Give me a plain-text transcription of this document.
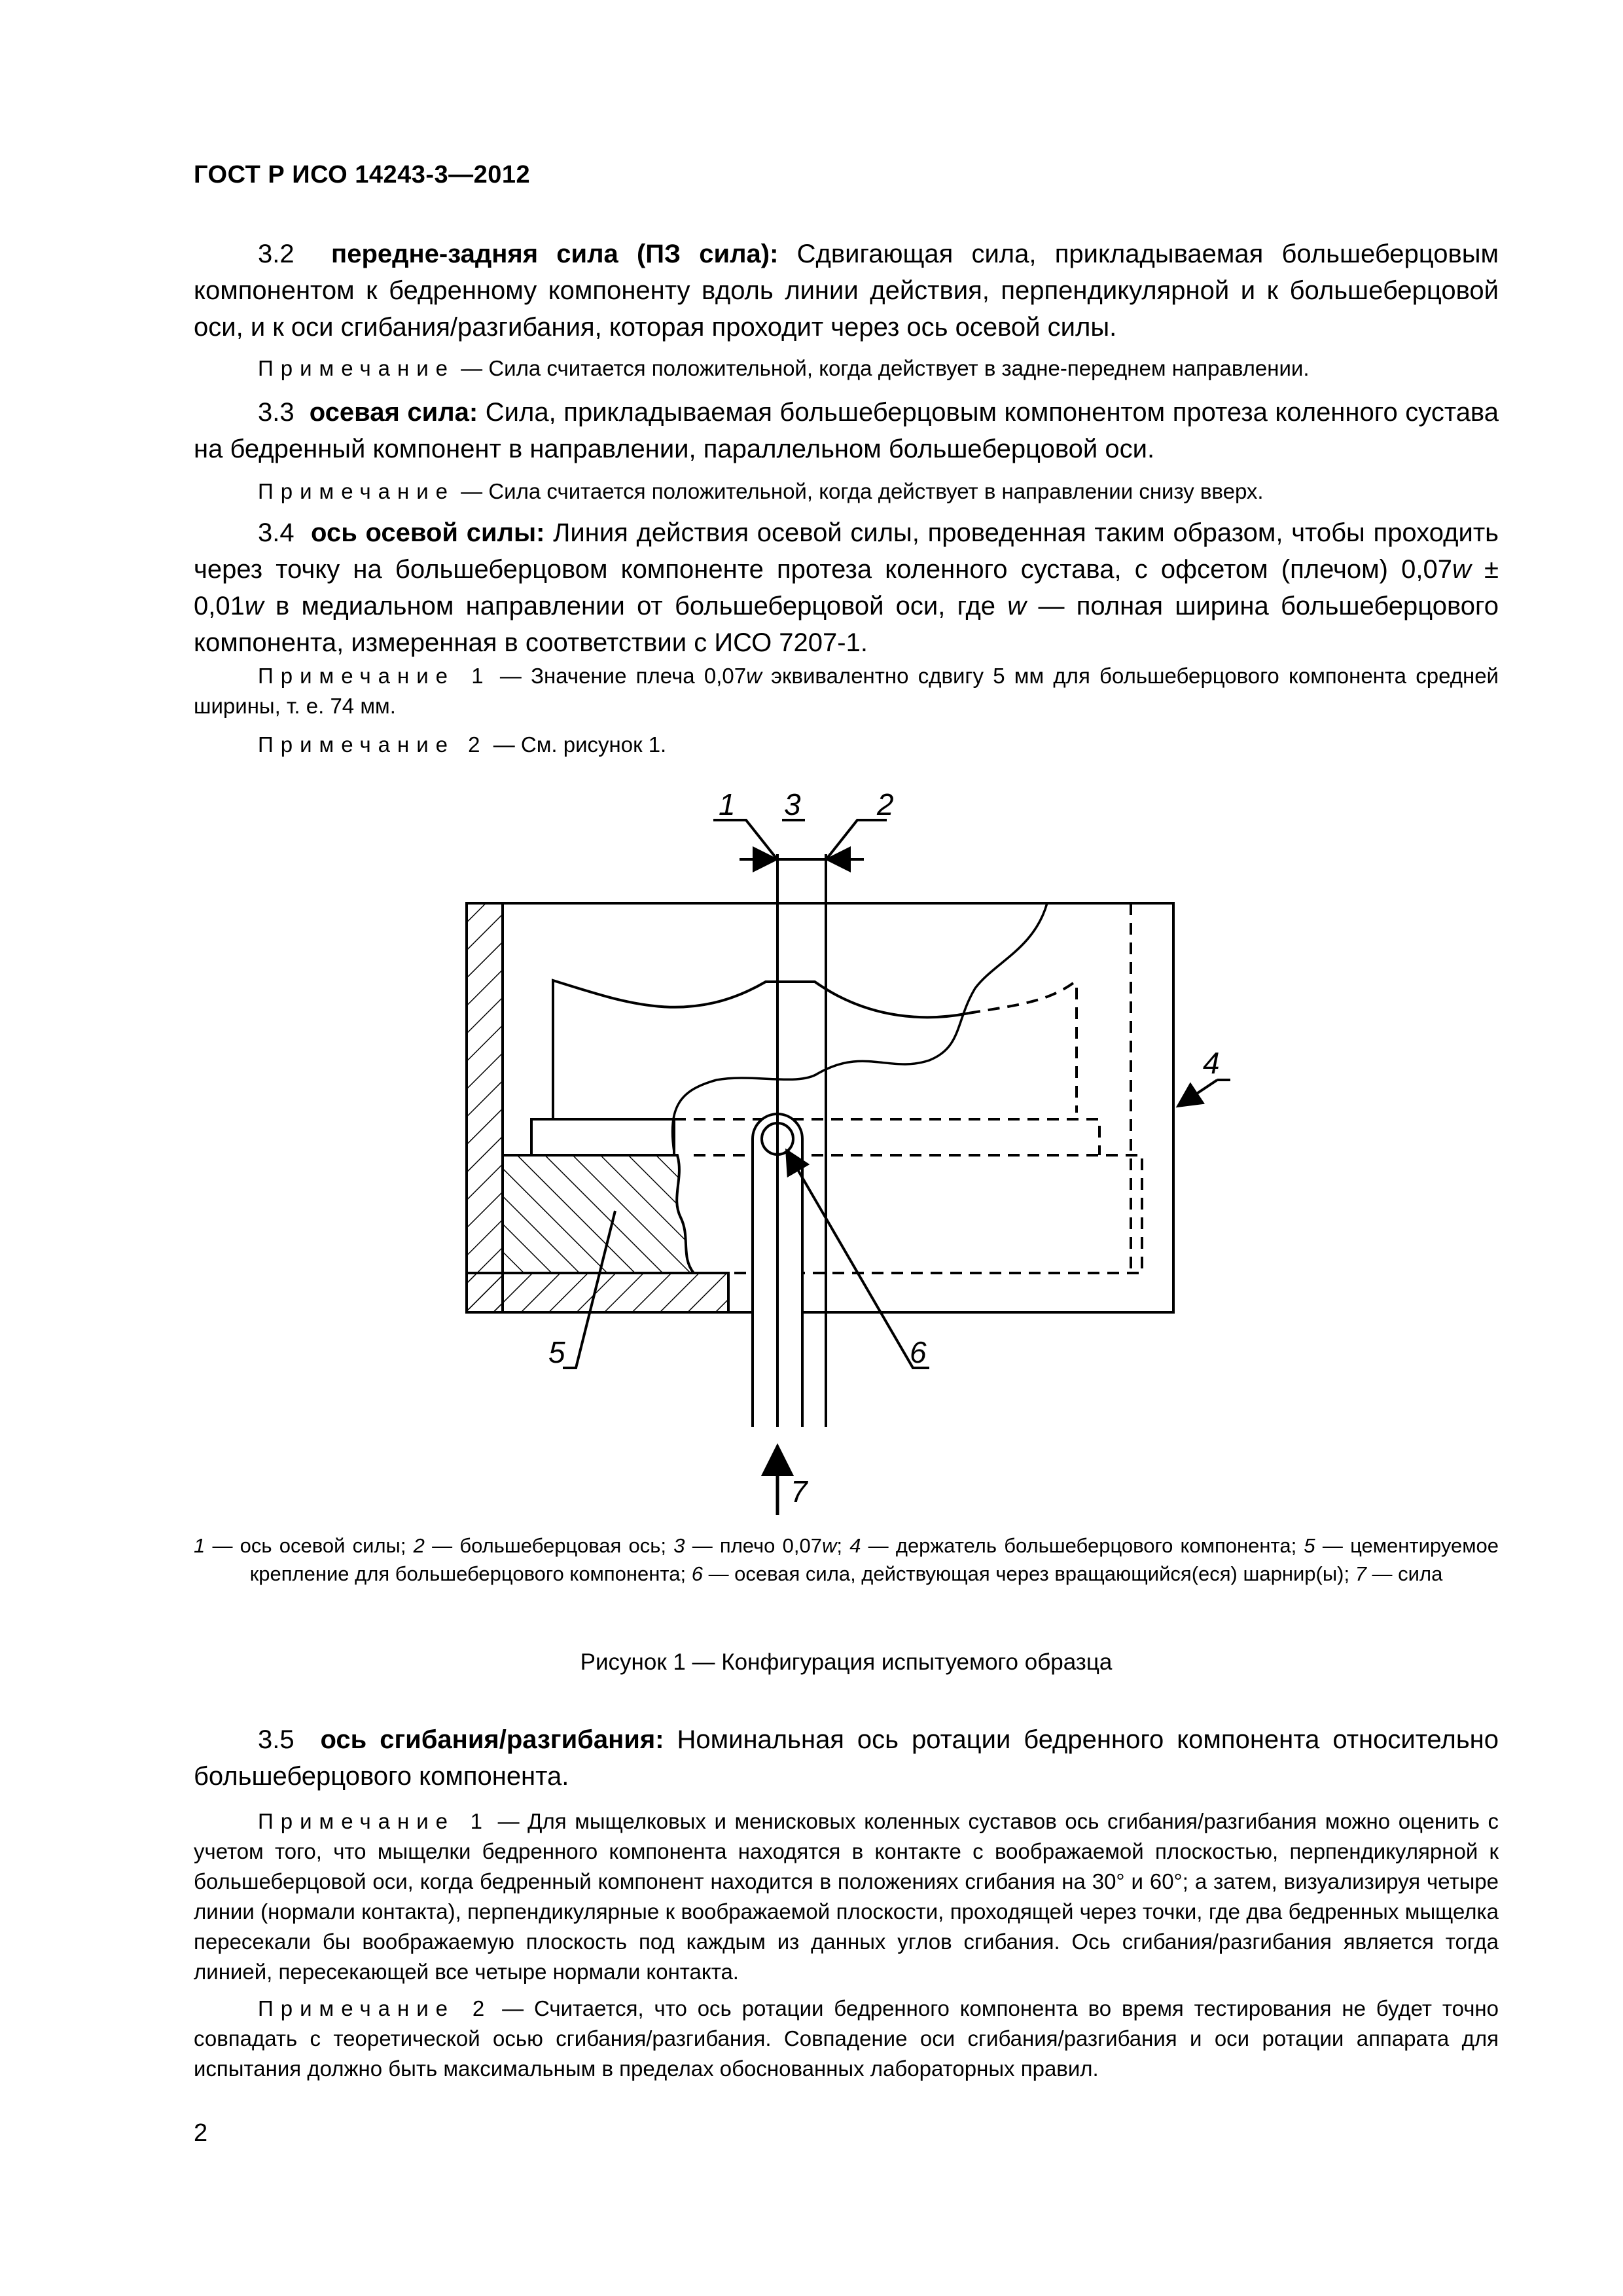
ГОСТ Р ИСО 14243-3—2012
3.2 передне-задняя сила (ПЗ сила): Сдвигающая сила, прикладываемая большеберцовым компонентом к бедренному компоненту вдоль линии действия, перпендикулярной и к большеберцовой оси, и к оси сгибания/разгибания, которая проходит через ось осевой силы.
Примечание — Сила считается положительной, когда действует в задне-переднем направлении.
3.3 осевая сила: Сила, прикладываемая большеберцовым компонентом протеза коленного сустава на бедренный компонент в направлении, параллельном большеберцовой оси.
Примечание — Сила считается положительной, когда действует в направлении снизу вверх.
3.4 ось осевой силы: Линия действия осевой силы, проведенная таким образом, чтобы проходить через точку на большеберцовом компоненте протеза коленного сустава, с офсетом (плечом) 0,07w ± 0,01w в медиальном направлении от большеберцовой оси, где w — полная ширина большеберцового компонента, измеренная в соответствии с ИСО 7207-1.
Примечание 1 — Значение плеча 0,07w эквивалентно сдвигу 5 мм для большеберцового компонента средней ширины, т. е. 74 мм.
Примечание 2 — См. рисунок 1.
1	2
3
4
5	6
7
1 — ось осевой силы; 2 — большеберцовая ось; 3 — плечо 0,07w; 4 — держатель большеберцового компонента; 5 — цементируемое крепление для большеберцового компонента; 6 — осевая сила, действующая через вращающийся(еся) шарнир(ы); 7 — сила
Рисунок 1 — Конфигурация испытуемого образца
3.5 ось сгибания/разгибания: Номинальная ось ротации бедренного компонента относительно большеберцового компонента.
Примечание 1 — Для мыщелковых и менисковых коленных суставов ось сгибания/разгибания можно оценить с учетом того, что мыщелки бедренного компонента находятся в контакте с воображаемой плоскостью, перпендикулярной к большеберцовой оси, когда бедренный компонент находится в положениях сгибания на 30° и 60°; а затем, визуализируя четыре линии (нормали контакта), перпендикулярные к воображаемой плоскости, проходящей через точки, где два бедренных мыщелка пересекали бы воображаемую плоскость под каждым из данных углов сгибания. Ось сгибания/разгибания является тогда линией, пересекающей все четыре нормали контакта.
Примечание 2 — Считается, что ось ротации бедренного компонента во время тестирования не будет точно совпадать с теоретической осью сгибания/разгибания. Совпадение оси сгибания/разгибания и оси ротации аппарата для испытания должно быть максимальным в пределах обоснованных лабораторных правил.
2
